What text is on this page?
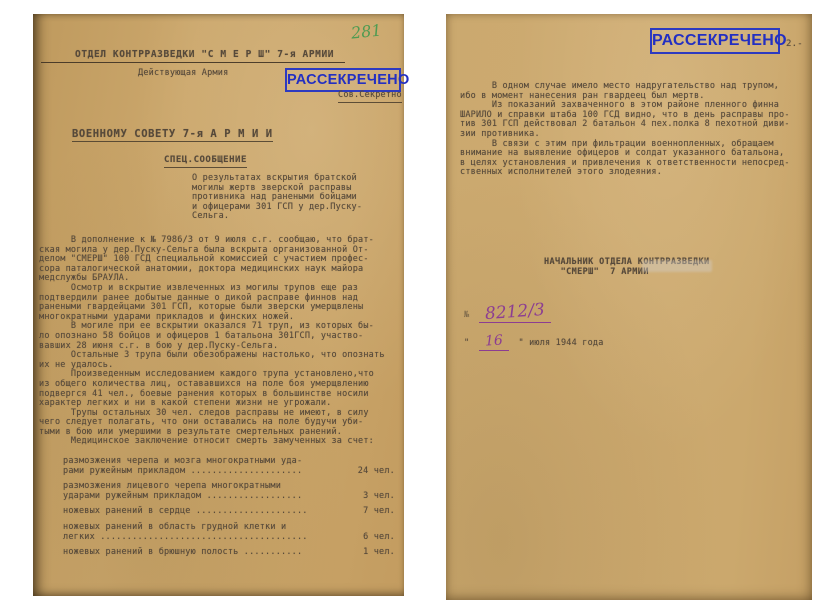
281
ОТДЕЛ КОНТРРАЗВЕДКИ "С М Е Р Ш" 7-я АРМИИ
Действующая Армия	РАССЕКРЕЧЕНО
Сов.Секретно
ВОЕННОМУ СОВЕТУ 7-я А Р М И И
СПЕЦ.СООБЩЕНИЕ
О результатах вскрытия братской
могилы жертв зверской расправы
противника над ранеными бойцами
и офицерами 301 ГСП у дер.Пуску-
Сельга.
В дополнение к № 7986/3 от 9 июля с.г. сообщаю, что брат-
ская могила у дер.Пуску-Сельга была вскрыта организованной От-
делом "СМЕРШ" 100 ГСД специальной комиссией с участием профес-
сора паталогической анатомии, доктора медицинских наук майора
медслужбы БРАУЛА.
Осмотр и вскрытие извлеченных из могилы трупов еще раз
подтвердили ранее добытые данные о дикой расправе финнов над
ранеными гвардейцами 301 ГСП, которые были зверски умерщвлены
многократными ударами прикладов и финских ножей.
В могиле при ее вскрытии оказался 71 труп, из которых бы-
ло опознано 58 бойцов и офицеров 1 батальона 301ГСП, участво-
вавших 28 июня с.г. в бою у дер.Пуску-Сельга.
Остальные 3 трупа были обезображены настолько, что опознать
их не удалось.
Произведенным исследованием каждого трупа установлено,что
из общего количества лиц, остававшихся на поле боя умерщвлению
подвергся 41 чел., боевые ранения которых в большинстве носили
характер легких и ни в какой степени жизни не угрожали.
Трупы остальных 30 чел. следов расправы не имеют, в силу
чего следует полагать, что они оставались на поле будучи уби-
тыми в бою или умершими в результате смертельных ранений.
Медицинское заключение относит смерть замученных за счет:
размозжения черепа и мозга многократными уда-
рами ружейным прикладом .....................	24 чел.
размозжения лицевого черепа многократными
ударами ружейным прикладом ..................	3 чел.
ножевых ранений в сердце .....................	7 чел.
ножевых ранений в область грудной клетки и
легких .......................................	6 чел.
ножевых ранений в брюшную полость ...........	1 чел.
РАССЕКРЕЧЕНО 2.-
В одном случае имело место надругательство над трупом,
ибо в момент нанесения ран гвардеец был мертв.
Из показаний захваченного в этом районе пленного финна
ШАРИЛО и справки штаба 100 ГСД видно, что в день расправы про-
тив 301 ГСП действовал 2 батальон 4 пех.полка 8 пехотной диви-
зии противника.
В связи с этим при фильтрации военнопленных, обращаем
внимание на выявление офицеров и солдат указанного батальона,
в целях установления и привлечения к ответственности непосред-
ственных исполнителей этого злодеяния.
НАЧАЛЬНИК ОТДЕЛА КОНТРРАЗВЕДКИ
"СМЕРШ"  7 АРМИИ
№ 8212/3
" 16 " июля 1944 года
